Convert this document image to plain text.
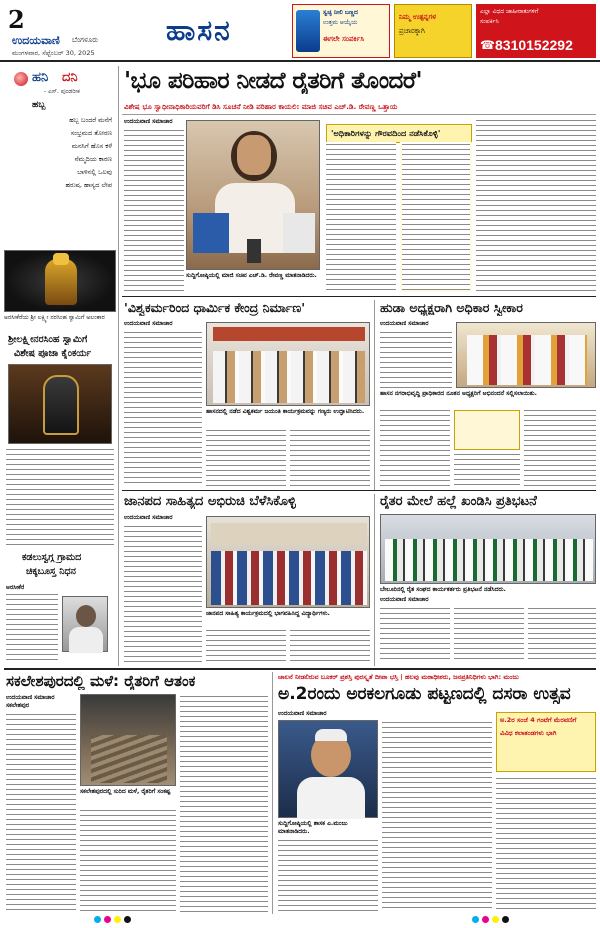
2
ಉದಯವಾಣಿ ಬೆಂಗಳೂರು
ಮಂಗಳವಾರ, ಸೆಪ್ಟೆಂಬರ್ 30, 2025
ಹಾಸನ
ಸ್ವಚ್ಛ ನೀಲಿ ಬಣ್ಣದ
ಉತ್ತಮ ಆಯ್ಕೆಯ
ಈಗಲೇ ಸಂಪರ್ಕಿಸಿ
ನಿಮ್ಮ ಉತ್ಪನ್ನಗಳ
ಪ್ರಚಾರಕ್ಕಾಗಿ
ಎಲ್ಲಾ ವಿಧದ ಜಾಹೀರಾತುಗಳಿಗೆ
ಸಂಪರ್ಕಿಸಿ
☎ 8310152292
ಹನಿ ದನಿ
- ಎಸ್. ಪುಂಡರೀಕ
ಹಬ್ಬ
ಹಬ್ಬ ಬಂದರೆ ಮನೆಗೆ
ಸಂಭ್ರಮದ ತೋರಣ
ಮನಸಿಗೆ ಹೊಸ ಕಳೆ
ನೆಮ್ಮದಿಯ ಕಾರಣ
ಬಾಳಿನಲ್ಲಿ ಒಲವು
ಹರುಷ, ಹಾಸ್ಯದ ಲೇಪ
ಅರಸೀಕೆರೆಯ ಶ್ರೀ ಲಕ್ಷ್ಮೀ ನರಸಿಂಹ ಸ್ವಾಮಿಗೆ ಅಲಂಕಾರ
ಶ್ರೀಲಕ್ಷ್ಮೀನರಸಿಂಹ ಸ್ವಾಮಿಗೆ
ವಿಶೇಷ ಪೂಜಾ ಕೈಂಕರ್ಯ
ಕಡಲುಸ್ವಗ್ಗ ಗ್ರಾಮದ
ಚಿಕ್ಕಬೂಸ್ತ ನಿಧನ
ಅರಸೀಕೆರೆ
'ಭೂ ಪರಿಹಾರ ನೀಡದೆ ರೈತರಿಗೆ ತೊಂದರೆ'
ವಿಶೇಷ ಭೂ ಸ್ವಾಧೀನಾಧಿಕಾರಿಯವರಿಗೆ ಡಿಸಿ ಸೂಚನೆ ನೀಡಿ ಪರಿಹಾರ ಕಾಯಲಿ: ಮಾಜಿ ಸಚಿವ ಎಚ್.ಡಿ. ರೇವಣ್ಣ ಒತ್ತಾಯ
ಉದಯವಾಣಿ ಸಮಾಚಾರ
ಸುದ್ದಿಗೋಷ್ಠಿಯಲ್ಲಿ ಮಾಜಿ ಸಚಿವ ಎಚ್.ಡಿ. ರೇವಣ್ಣ ಮಾತನಾಡಿದರು.
'ಅಧಿಕಾರಿಗಳನ್ನು ಗೌರವದಿಂದ ನಡೆಸಿಕೊಳ್ಳಿ'
'ವಿಶ್ವಕರ್ಮರಿಂದ ಧಾರ್ಮಿಕ ಕೇಂದ್ರ ನಿರ್ಮಾಣ'
ಉದಯವಾಣಿ ಸಮಾಚಾರ
ಹಾಸನದಲ್ಲಿ ನಡೆದ ವಿಶ್ವಕರ್ಮ ಜಯಂತಿ ಕಾರ್ಯಕ್ರಮವನ್ನು ಗಣ್ಯರು ಉದ್ಘಾಟಿಸಿದರು.
ಹುಡಾ ಅಧ್ಯಕ್ಷರಾಗಿ ಅಧಿಕಾರ ಸ್ವೀಕಾರ
ಉದಯವಾಣಿ ಸಮಾಚಾರ
ಹಾಸನ ನಗರಾಭಿವೃದ್ಧಿ ಪ್ರಾಧಿಕಾರದ ನೂತನ ಅಧ್ಯಕ್ಷರಿಗೆ ಅಭಿನಂದನೆ ಸಲ್ಲಿಸಲಾಯಿತು.
ಜಾನಪದ ಸಾಹಿತ್ಯದ ಅಭಿರುಚಿ ಬೆಳೆಸಿಕೊಳ್ಳಿ
ಉದಯವಾಣಿ ಸಮಾಚಾರ
ಜಾನಪದ ಸಾಹಿತ್ಯ ಕಾರ್ಯಕ್ರಮದಲ್ಲಿ ಭಾಗವಹಿಸಿದ್ದ ವಿದ್ಯಾರ್ಥಿಗಳು.
ರೈತರ ಮೇಲೆ ಹಲ್ಲೆ ಖಂಡಿಸಿ ಪ್ರತಿಭಟನೆ
ಬೇಲೂರಿನಲ್ಲಿ ರೈತ ಸಂಘದ ಕಾರ್ಯಕರ್ತರು ಪ್ರತಿಭಟನೆ ನಡೆಸಿದರು.
ಉದಯವಾಣಿ ಸಮಾಚಾರ
ಸಕಲೇಶಪುರದಲ್ಲಿ ಮಳೆ: ರೈತರಿಗೆ ಆತಂಕ
ಉದಯವಾಣಿ ಸಮಾಚಾರ
ಸಕಲೇಶಪುರ
ಸಕಲೇಶಪುರದಲ್ಲಿ ಸುರಿದ ಮಳೆ, ರೈತರಿಗೆ ಸಂಕಷ್ಟ
ಚಾಲನೆ ನೀಡಲಿರುವ ಬೂಕರ್ ಪ್ರಶಸ್ತಿ ಪುರಸ್ಕೃತೆ ದೀಪಾ ಭಸ್ತಿ | ಹಲವು ಮಠಾಧೀಶರು, ಜನಪ್ರತಿನಿಧಿಗಳು ಭಾಗಿ: ಮಂಜು
ಅ.2ರಂದು ಅರಕಲಗೂಡು ಪಟ್ಟಣದಲ್ಲಿ ದಸರಾ ಉತ್ಸವ
ಉದಯವಾಣಿ ಸಮಾಚಾರ
ಸುದ್ದಿಗೋಷ್ಠಿಯಲ್ಲಿ ಶಾಸಕ ಎ.ಮಂಜು ಮಾತನಾಡಿದರು.
ಅ.2ರ ಸಂಜೆ 4 ಗಂಟೆಗೆ ಮೆರವಣಿಗೆ
ವಿವಿಧ ಕಲಾತಂಡಗಳು ಭಾಗಿ
